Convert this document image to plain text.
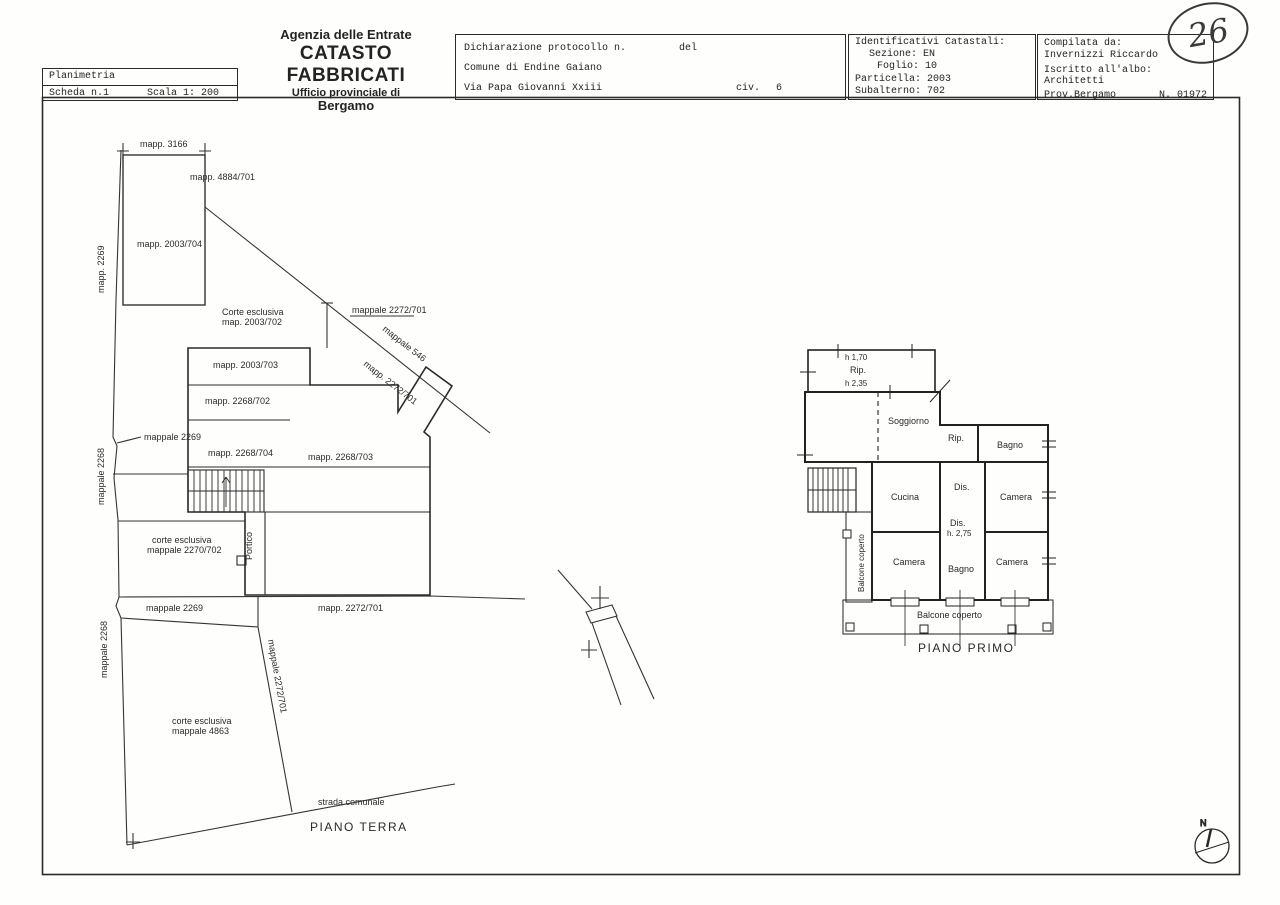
Planimetria
Scheda n.1	Scala 1: 200
Agenzia delle Entrate
CATASTO FABBRICATI
Ufficio provinciale di
Bergamo
Dichiarazione protocollo n.	del
Comune di Endine Gaiano
Via Papa Giovanni Xxiii	civ. 6
Identificativi Catastali:
Sezione: EN
Foglio: 10
Particella: 2003
Subalterno: 702
Compilata da:
Invernizzi Riccardo
Iscritto all'albo:
Architetti
Prov.Bergamo	N. 01972
26
mapp. 3166
mapp. 4884/701
mapp. 2003/704
mapp. 2269
Corte esclusiva
map. 2003/702
mappale 2272/701
mappale 546
mapp. 2272/701
mapp. 2003/703
mapp. 2268/702
mappale 2269
mapp. 2268/704	mapp. 2268/703
mappale 2268
corte esclusiva
mappale 2270/702 Portico
mappale 2269	mapp. 2272/701
mappale 2268	mappale 2272/701
corte esclusiva
mappale 4863
strada comunale
PIANO TERRA
h 1,70
Rip.
h 2,35
Soggiorno
Rip.
Bagno
Cucina
Dis.
Camera
Dis.
h. 2,75
Balcone coperto	Camera
Bagno
Camera
Balcone coperto
PIANO PRIMO
N
